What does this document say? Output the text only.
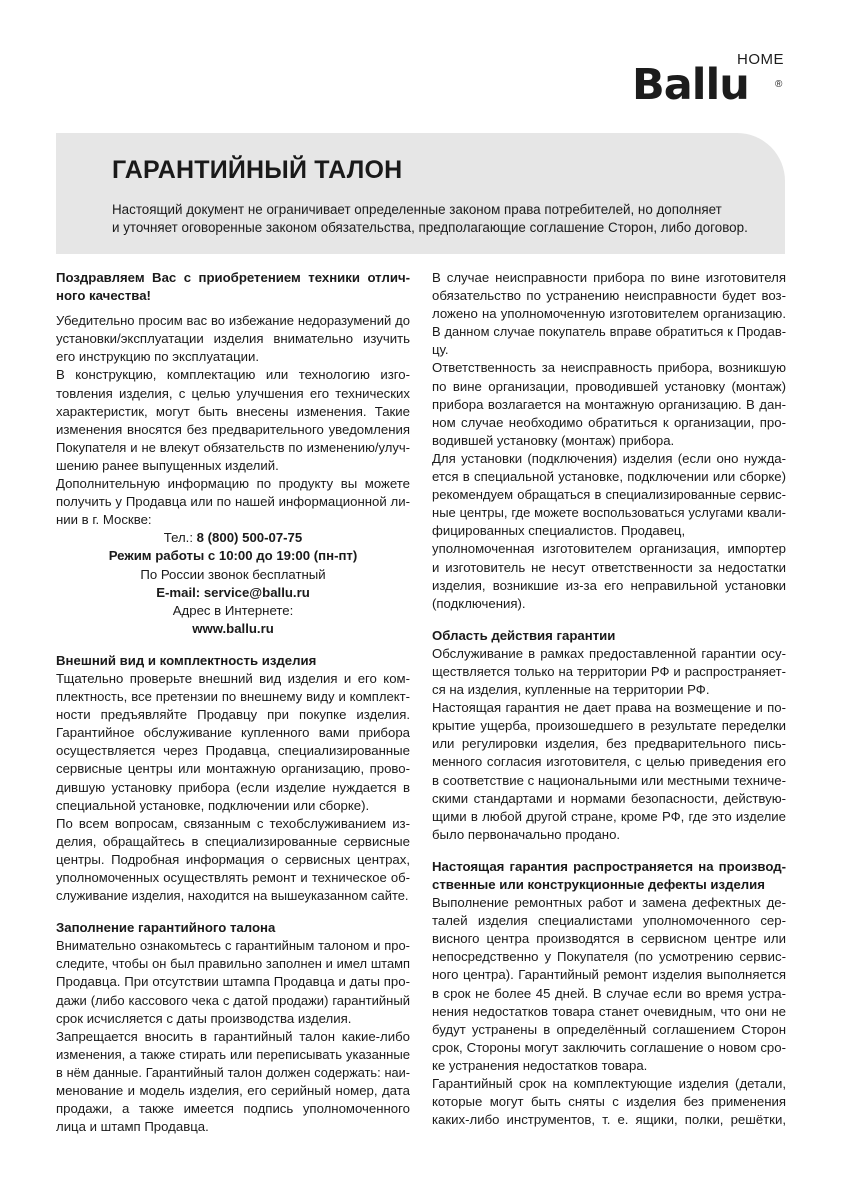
HOME
Ballu	®
ГАРАНТИЙНЫЙ ТАЛОН
Настоящий документ не ограничивает определенные законом права потребителей, но дополняет
и уточняет оговоренные законом обязательства, предполагающие соглашение Сторон, либо договор.
Поздравляем Вас с приобретением техники отлич-
ного качества!

Убедительно просим вас во избежание недоразумений до
установки/эксплуатации изделия внимательно изучить
его инструкцию по эксплуатации.
В конструкцию, комплектацию или технологию изго-
товления изделия, с целью улучшения его технических
характеристик, могут быть внесены изменения. Такие
изменения вносятся без предварительного уведомления
Покупателя и не влекут обязательств по изменению/улуч-
шению ранее выпущенных изделий.
Дополнительную информацию по продукту вы можете
получить у Продавца или по нашей информационной ли-
нии в г. Москве:

Тел.: 8 (800) 500-07-75
Режим работы с 10:00 до 19:00 (пн-пт)
По России звонок бесплатный
E-mail: service@ballu.ru
Адрес в Интернете:
www.ballu.ru
Внешний вид и комплектность изделия

Тщательно проверьте внешний вид изделия и его ком-
плектность, все претензии по внешнему виду и комплект-
ности предъявляйте Продавцу при покупке изделия.
Гарантийное обслуживание купленного вами прибора
осуществляется через Продавца, специализированные
сервисные центры или монтажную организацию, прово-
дившую установку прибора (если изделие нуждается в
специальной установке, подключении или сборке).
По всем вопросам, связанным с техобслуживанием из-
делия, обращайтесь в специализированные сервисные
центры. Подробная информация о сервисных центрах,
уполномоченных осуществлять ремонт и техническое об-
служивание изделия, находится на вышеуказанном сайте.

Заполнение гарантийного талона

Внимательно ознакомьтесь с гарантийным талоном и про-
следите, чтобы он был правильно заполнен и имел штамп
Продавца. При отсутствии штампа Продавца и даты про-
дажи (либо кассового чека с датой продажи) гарантийный
срок исчисляется с даты производства изделия.
Запрещается вносить в гарантийный талон какие-либо
изменения, а также стирать или переписывать указанные
в нём данные. Гарантийный талон должен содержать: наи-
менование и модель изделия, его серийный номер, дата
продажи, а также имеется подпись уполномоченного
лица и штамп Продавца.

В случае неисправности прибора по вине изготовителя
обязательство по устранению неисправности будет воз-
ложено на уполномоченную изготовителем организацию.
В данном случае покупатель вправе обратиться к Продав-
цу.
Ответственность за неисправность прибора, возникшую
по вине организации, проводившей установку (монтаж)
прибора возлагается на монтажную организацию. В дан-
ном случае необходимо обратиться к организации, про-
водившей установку (монтаж) прибора.
Для установки (подключения) изделия (если оно нужда-
ется в специальной установке, подключении или сборке)
рекомендуем обращаться в специализированные сервис-
ные центры, где можете воспользоваться услугами квали-
фицированных специалистов. Продавец,
уполномоченная изготовителем организация, импортер
и изготовитель не несут ответственности за недостатки
изделия, возникшие из-за его неправильной установки
(подключения).

Область действия гарантии

Обслуживание в рамках предоставленной гарантии осу-
ществляется только на территории РФ и распространяет-
ся на изделия, купленные на территории РФ.
Настоящая гарантия не дает права на возмещение и по-
крытие ущерба, произошедшего в результате переделки
или регулировки изделия, без предварительного пись-
менного согласия изготовителя, с целью приведения его
в соответствие с национальными или местными техниче-
скими стандартами и нормами безопасности, действую-
щими в любой другой стране, кроме РФ, где это изделие
было первоначально продано.

Настоящая гарантия распространяется на производ-
ственные или конструкционные дефекты изделия

Выполнение ремонтных работ и замена дефектных де-
талей изделия специалистами уполномоченного сер-
висного центра производятся в сервисном центре или
непосредственно у Покупателя (по усмотрению сервис-
ного центра). Гарантийный ремонт изделия выполняется
в срок не более 45 дней. В случае если во время устра-
нения недостатков товара станет очевидным, что они не
будут устранены в определённый соглашением Сторон
срок, Стороны могут заключить соглашение о новом сро-
ке устранения недостатков товара.
Гарантийный срок на комплектующие изделия (детали,
которые могут быть сняты с изделия без применения
каких-либо инструментов, т. е. ящики, полки, решётки,
